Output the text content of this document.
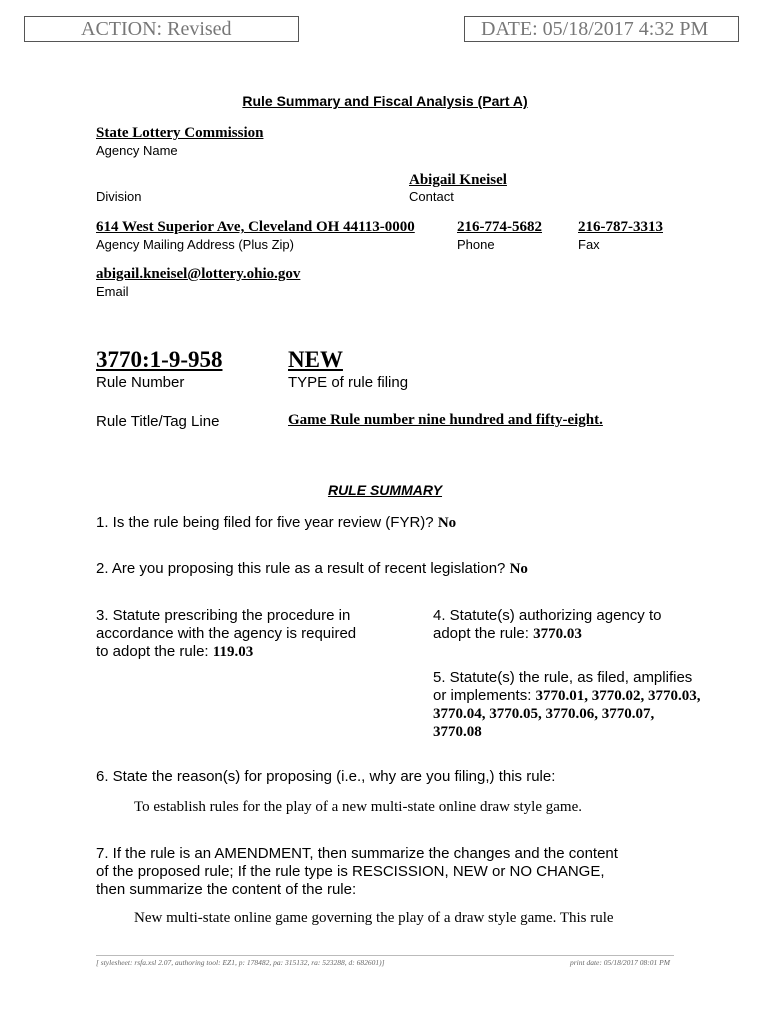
ACTION: Revised	DATE: 05/18/2017 4:32 PM
Rule Summary and Fiscal Analysis (Part A)
State Lottery Commission
Agency Name
Abigail Kneisel
Division	Contact
614 West Superior Ave, Cleveland OH 44113-0000	216-774-5682 216-787-3313
Agency Mailing Address (Plus Zip)	Phone	Fax
abigail.kneisel@lottery.ohio.gov
Email
3770:1-9-958	NEW
Rule Number	TYPE of rule filing
Rule Title/Tag Line	Game Rule number nine hundred and fifty-eight.
RULE SUMMARY
1. Is the rule being filed for five year review (FYR)? No
2. Are you proposing this rule as a result of recent legislation? No
3. Statute prescribing the procedure in
accordance with the agency is required
to adopt the rule: 119.03
4. Statute(s) authorizing agency to
adopt the rule: 3770.03
5. Statute(s) the rule, as filed, amplifies
or implements: 3770.01, 3770.02, 3770.03,
3770.04, 3770.05, 3770.06, 3770.07,
3770.08
6. State the reason(s) for proposing (i.e., why are you filing,) this rule:
To establish rules for the play of a new multi-state online draw style game.
7. If the rule is an AMENDMENT, then summarize the changes and the content
of the proposed rule; If the rule type is RESCISSION, NEW or NO CHANGE,
then summarize the content of the rule:
New multi-state online game governing the play of a draw style game. This rule
[ stylesheet: rsfa.xsl 2.07, authoring tool: EZ1, p: 178482, pa: 315132, ra: 523288, d: 682601)]	print date: 05/18/2017 08:01 PM
